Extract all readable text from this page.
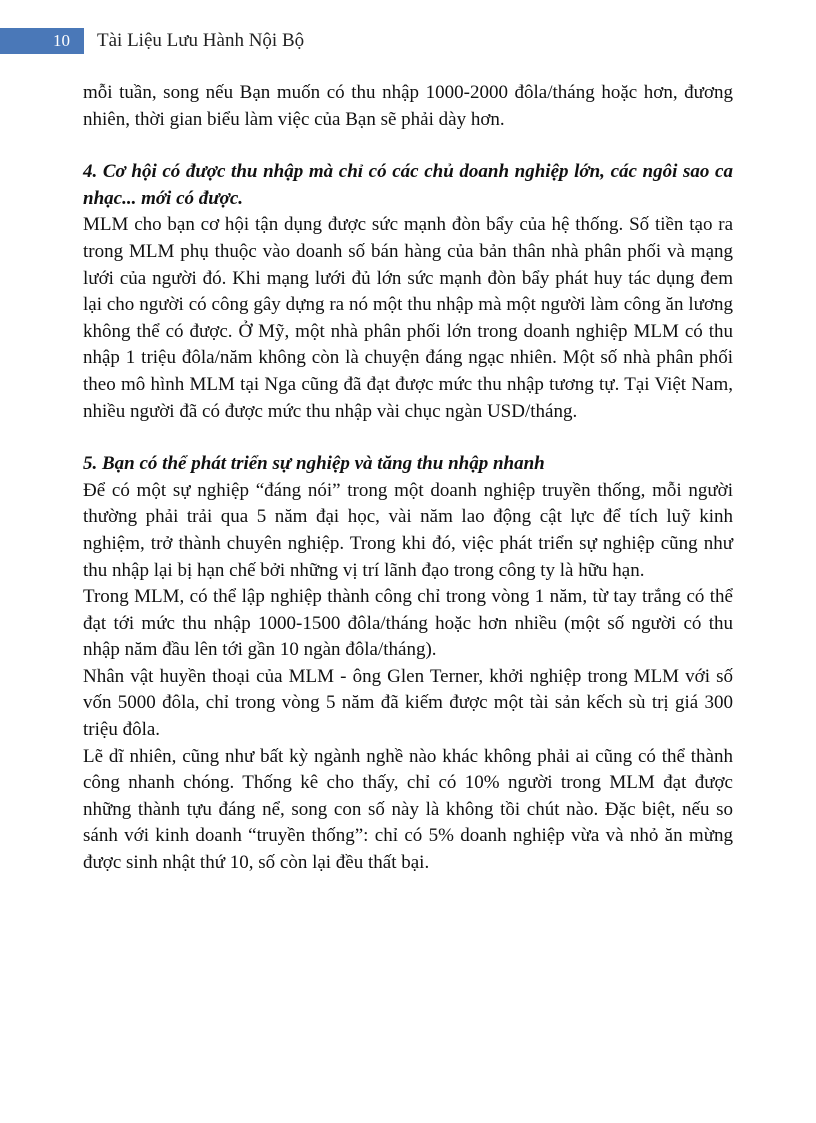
10	Tài Liệu Lưu Hành Nội Bộ

mỗi tuần, song nếu Bạn muốn có thu nhập 1000-2000 đôla/tháng hoặc hơn, đương nhiên, thời gian biểu làm việc của Bạn sẽ phải dày hơn.

4. Cơ hội có được thu nhập mà chỉ có các chủ doanh nghiệp lớn, các ngôi sao ca nhạc... mới có được.

MLM cho bạn cơ hội tận dụng được sức mạnh đòn bẩy của hệ thống. Số tiền tạo ra trong MLM phụ thuộc vào doanh số bán hàng của bản thân nhà phân phối và mạng lưới của người đó. Khi mạng lưới đủ lớn sức mạnh đòn bẩy phát huy tác dụng đem lại cho người có công gây dựng ra nó một thu nhập mà một người làm công ăn lương không thể có được. Ở Mỹ, một nhà phân phối lớn trong doanh nghiệp MLM có thu nhập 1 triệu đôla/năm không còn là chuyện đáng ngạc nhiên. Một số nhà phân phối theo mô hình MLM tại Nga cũng đã đạt được mức thu nhập tương tự. Tại Việt Nam, nhiều người đã có được mức thu nhập vài chục ngàn USD/tháng.

5. Bạn có thể phát triển sự nghiệp và tăng thu nhập nhanh

Để có một sự nghiệp “đáng nói” trong một doanh nghiệp truyền thống, mỗi người thường phải trải qua 5 năm đại học, vài năm lao động cật lực để tích luỹ kinh nghiệm, trở thành chuyên nghiệp. Trong khi đó, việc phát triển sự nghiệp cũng như thu nhập lại bị hạn chế bởi những vị trí lãnh đạo trong công ty là hữu hạn.

Trong MLM, có thể lập nghiệp thành công chỉ trong vòng 1 năm, từ tay trắng có thể đạt tới mức thu nhập 1000-1500 đôla/tháng hoặc hơn nhiều (một số người có thu nhập năm đầu lên tới gần 10 ngàn đôla/tháng).

Nhân vật huyền thoại của MLM - ông Glen Terner, khởi nghiệp trong MLM với số vốn 5000 đôla, chỉ trong vòng 5 năm đã kiếm được một tài sản kếch sù trị giá 300 triệu đôla.

Lẽ dĩ nhiên, cũng như bất kỳ ngành nghề nào khác không phải ai cũng có thể thành công nhanh chóng. Thống kê cho thấy, chỉ có 10% người trong MLM đạt được những thành tựu đáng nể, song con số này là không tồi chút nào. Đặc biệt, nếu so sánh với kinh doanh “truyền thống”: chỉ có 5% doanh nghiệp vừa và nhỏ ăn mừng được sinh nhật thứ 10, số còn lại đều thất bại.
